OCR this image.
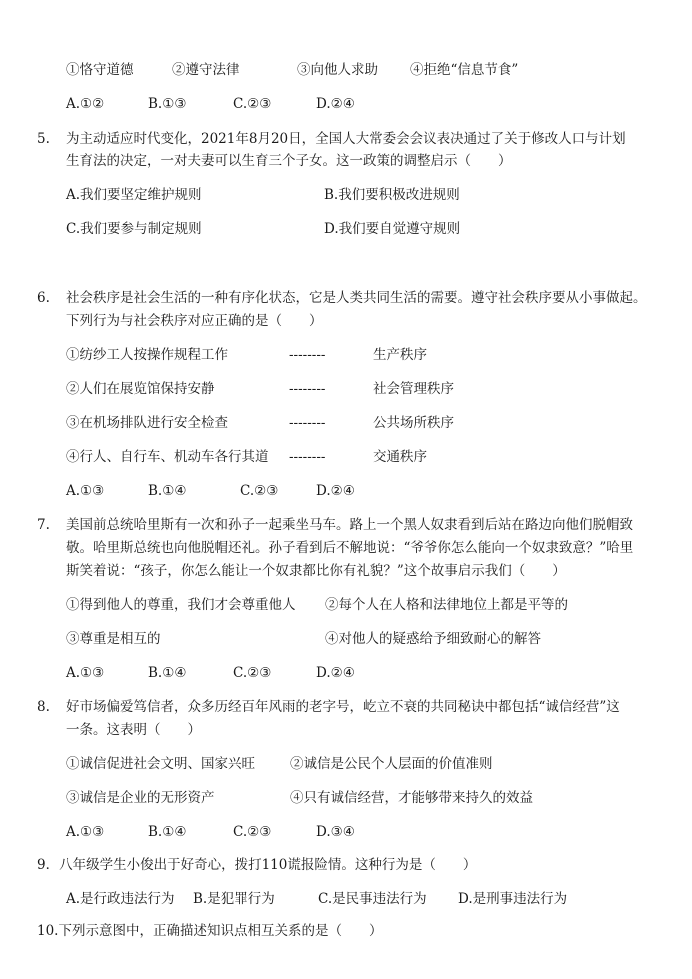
①恪守道德	②遵守法律	③向他人求助 ④拒绝“信息节食”
A.①②	B.①③	C.②③	D.②④
5. 为主动适应时代变化，2021年8月20日，全国人大常委会会议表决通过了关于修改人口与计划
生育法的决定，一对夫妻可以生育三个子女。这一政策的调整启示（　　）
A.我们要坚定维护规则	B.我们要积极改进规则
C.我们要参与制定规则	D.我们要自觉遵守规则
6. 社会秩序是社会生活的一种有序化状态，它是人类共同生活的需要。遵守社会秩序要从小事做起。
下列行为与社会秩序对应正确的是（　　）
①纺纱工人按操作规程工作	--------	生产秩序
②人们在展览馆保持安静	--------	社会管理秩序
③在机场排队进行安全检查	--------	公共场所秩序
④行人、自行车、机动车各行其道 --------	交通秩序
A.①③	B.①④	C.②③	D.②④
7. 美国前总统哈里斯有一次和孙子一起乘坐马车。路上一个黑人奴隶看到后站在路边向他们脱帽致
敬。哈里斯总统也向他脱帽还礼。孙子看到后不解地说：“爷爷你怎么能向一个奴隶致意？”哈里
斯笑着说：“孩子，你怎么能让一个奴隶都比你有礼貌？”这个故事启示我们（　　）
①得到他人的尊重，我们才会尊重他人 ②每个人在人格和法律地位上都是平等的
③尊重是相互的	④对他人的疑惑给予细致耐心的解答
A.①③	B.①④	C.②③	D.②④
8. 好市场偏爱笃信者，众多历经百年风雨的老字号，屹立不衰的共同秘诀中都包括“诚信经营”这
一条。这表明（　　）
①诚信促进社会文明、国家兴旺	②诚信是公民个人层面的价值准则
③诚信是企业的无形资产	④只有诚信经营，才能够带来持久的效益
A.①③	B.①④	C.②③	D.③④
9．八年级学生小俊出于好奇心，拨打110谎报险情。这种行为是（　　）
A.是行政违法行为 B.是犯罪行为	C.是民事违法行为 D.是刑事违法行为
10.下列示意图中，正确描述知识点相互关系的是（　　）
